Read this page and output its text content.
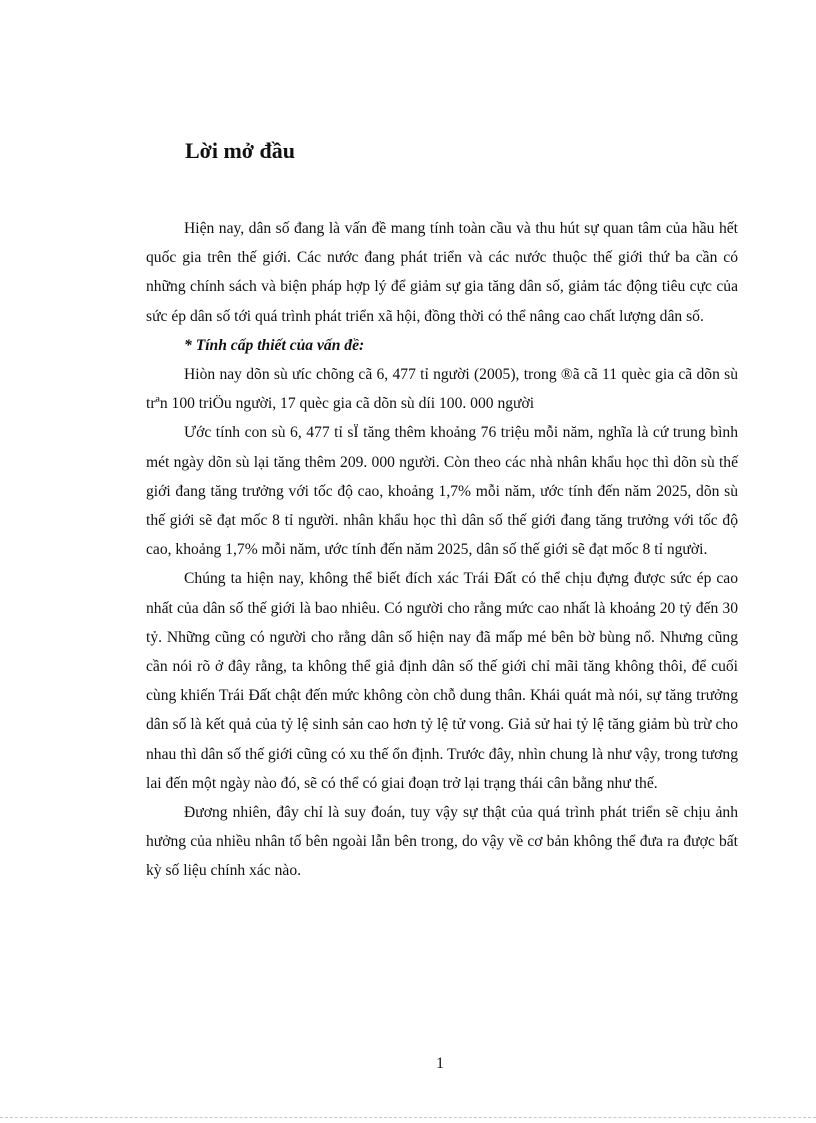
Lời mở đầu

Hiện nay, dân số đang là vấn đề mang tính toàn cầu và thu hút sự quan tâm của hầu hết quốc gia trên thế giới. Các nước đang phát triển và các nước thuộc thế giới thứ ba cần có những chính sách và biện pháp hợp lý để giảm sự gia tăng dân số, giảm tác động tiêu cực của sức ép dân số tới quá trình phát triển xã hội, đồng thời có thể nâng cao chất lượng dân số.

* Tính cấp thiết của vấn đề:

Hiòn nay dõn sù ưíc chõng cã 6, 477 tỉ người (2005), trong ®ã cã 11 quèc gia cã dõn sù trªn 100 triÖu người, 17 quèc gia cã dõn sù díi 100. 000 người

Ước tính con sù 6, 477 tỉ sÏ tăng thêm khoảng 76 triệu mỗi năm, nghĩa là cứ trung bình mét ngày dõn sù lại tăng thêm 209. 000 người. Còn theo các nhà nhân khẩu học thì dõn sù thế giới đang tăng trưởng với tốc độ cao, khoảng 1,7% mỗi năm, ước tính đến năm 2025, dõn sù thế giới sẽ đạt mốc 8 tỉ người. nhân khẩu học thì dân số thế giới đang tăng trưởng với tốc độ cao, khoảng 1,7% mỗi năm, ước tính đến năm 2025, dân số thế giới sẽ đạt mốc 8 tỉ người.

Chúng ta hiện nay, không thể biết đích xác Trái Đất có thể chịu đựng được sức ép cao nhất của dân số thế giới là bao nhiêu. Có người cho rằng mức cao nhất là khoảng 20 tỷ đến 30 tỷ. Những cũng có người cho rằng dân số hiện nay đã mấp mé bên bờ bùng nổ. Nhưng cũng cần nói rõ ở đây rằng, ta không thể giả định dân số thế giới chỉ mãi tăng không thôi, để cuối cùng khiến Trái Đất chật đến mức không còn chỗ dung thân. Khái quát mà nói, sự tăng trưởng dân số là kết quả của tỷ lệ sinh sản cao hơn tỷ lệ tử vong. Giả sử hai tỷ lệ tăng giảm bù trừ cho nhau thì dân số thế giới cũng có xu thế ổn định. Trước đây, nhìn chung là như vậy, trong tương lai đến một ngày nào đó, sẽ có thể có giai đoạn trở lại trạng thái cân bằng như thế.

Đương nhiên, đây chỉ là suy đoán, tuy vậy sự thật của quá trình phát triển sẽ chịu ảnh hưởng của nhiều nhân tố bên ngoài lẫn bên trong, do vậy về cơ bản không thể đưa ra được bất kỳ số liệu chính xác nào.

1
